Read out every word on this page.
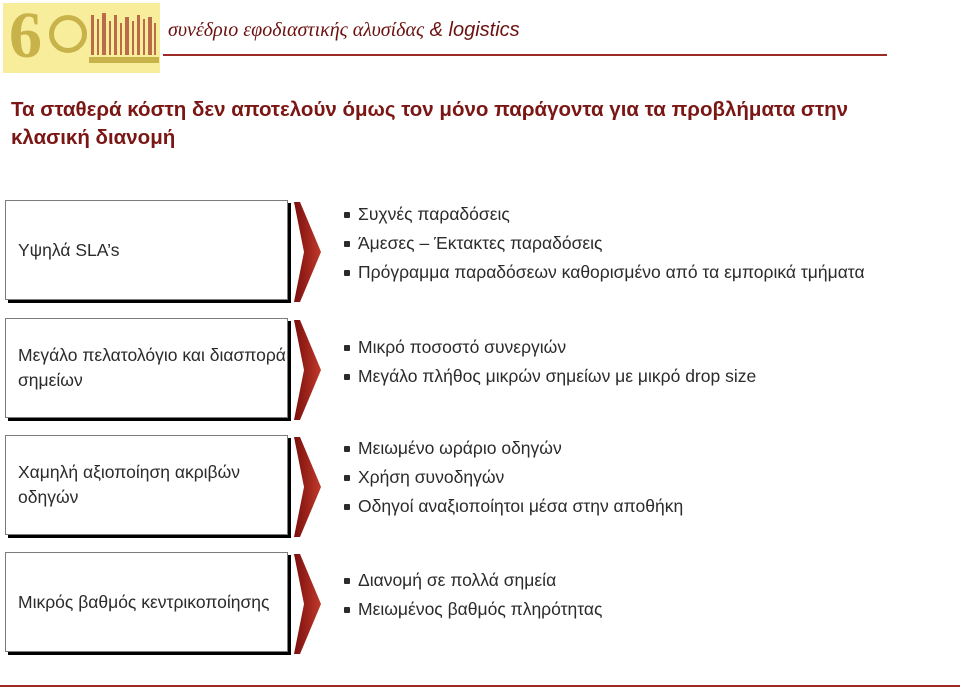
6	συνέδριο εφοδιαστικής αλυσίδας & logistics
Τα σταθερά κόστη δεν αποτελούν όμως τον μόνο παράγοντα για τα προβλήματα στην κλασική διανομή
Υψηλά SLA’s
Συχνές παραδόσεις
Άμεσες – Έκτακτες παραδόσεις
Πρόγραμμα παραδόσεων καθορισμένο από τα εμπορικά τμήματα
Μεγάλο πελατολόγιο και διασπορά σημείων
Μικρό ποσοστό συνεργιών
Μεγάλο πλήθος μικρών σημείων με μικρό drop size
Χαμηλή αξιοποίηση ακριβών οδηγών
Μειωμένο ωράριο οδηγών
Χρήση συνοδηγών
Οδηγοί αναξιοποίητοι μέσα στην αποθήκη
Μικρός βαθμός κεντρικοποίησης
Διανομή σε πολλά σημεία
Μειωμένος βαθμός πληρότητας
